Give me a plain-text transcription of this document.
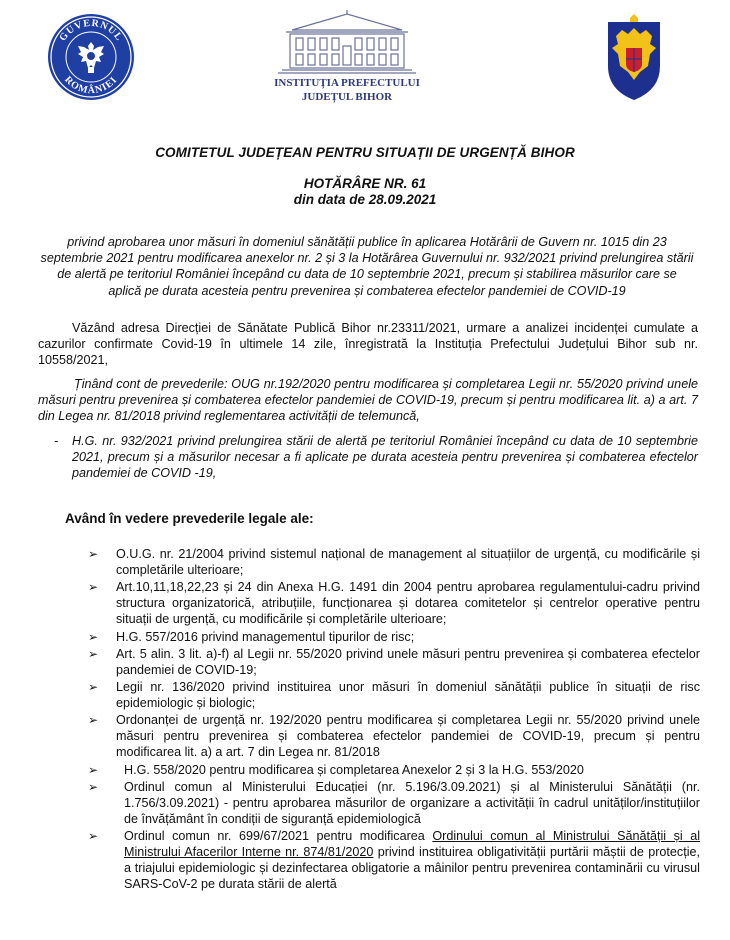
GUVERNUL
ROMÂNIEI	INSTITUȚIA PREFECTULUI
JUDEȚUL BIHOR
COMITETUL JUDEȚEAN PENTRU SITUAȚII DE URGENȚĂ BIHOR
HOTĂRÂRE NR. 61
din data de 28.09.2021
privind aprobarea unor măsuri în domeniul sănătății publice în aplicarea Hotărârii de Guvern nr. 1015 din 23 septembrie 2021 pentru modificarea anexelor nr. 2 și 3 la Hotărârea Guvernului nr. 932/2021 privind prelungirea stării de alertă pe teritoriul României începând cu data de 10 septembrie 2021, precum și stabilirea măsurilor care se aplică pe durata acesteia pentru prevenirea și combaterea efectelor pandemiei de COVID-19
Văzând adresa Direcției de Sănătate Publică Bihor nr.23311/2021, urmare a analizei incidenței cumulate a cazurilor confirmate Covid-19 în ultimele 14 zile, înregistrată la Instituția Prefectului Județului Bihor sub nr. 10558/2021,
Ținând cont de prevederile: OUG nr.192/2020 pentru modificarea și completarea Legii nr. 55/2020 privind unele măsuri pentru prevenirea și combaterea efectelor pandemiei de COVID-19, precum și pentru modificarea lit. a) a art. 7 din Legea nr. 81/2018 privind reglementarea activității de telemuncă,
- H.G. nr. 932/2021 privind prelungirea stării de alertă pe teritoriul României începând cu data de 10 septembrie 2021, precum și a măsurilor necesar a fi aplicate pe durata acesteia pentru prevenirea și combaterea efectelor pandemiei de COVID -19,
Având în vedere prevederile legale ale:
➢ O.U.G. nr. 21/2004 privind sistemul național de management al situațiilor de urgență, cu modificările și completările ulterioare;
➢ Art.10,11,18,22,23 și 24 din Anexa H.G. 1491 din 2004 pentru aprobarea regulamentului-cadru privind structura organizatorică, atribuțiile, funcționarea și dotarea comitetelor și centrelor operative pentru situații de urgență, cu modificările și completările ulterioare;
➢ H.G. 557/2016 privind managementul tipurilor de risc;
➢ Art. 5 alin. 3 lit. a)-f) al Legii nr. 55/2020 privind unele măsuri pentru prevenirea și combaterea efectelor pandemiei de COVID-19;
➢ Legii nr. 136/2020 privind instituirea unor măsuri în domeniul sănătății publice în situații de risc epidemiologic și biologic;
➢ Ordonanței de urgență nr. 192/2020 pentru modificarea și completarea Legii nr. 55/2020 privind unele măsuri pentru prevenirea și combaterea efectelor pandemiei de COVID-19, precum și pentru modificarea lit. a) a art. 7 din Legea nr. 81/2018
➢ H.G. 558/2020 pentru modificarea și completarea Anexelor 2 și 3 la H.G. 553/2020
➢ Ordinul comun al Ministerului Educației (nr. 5.196/3.09.2021) și al Ministerului Sănătății (nr. 1.756/3.09.2021) - pentru aprobarea măsurilor de organizare a activității în cadrul unităților/instituțiilor de învățământ în condiții de siguranță epidemiologică
➢ Ordinul comun nr. 699/67/2021 pentru modificarea Ordinului comun al Ministrului Sănătății și al Ministrului Afacerilor Interne nr. 874/81/2020 privind instituirea obligativității purtării măștii de protecție, a triajului epidemiologic și dezinfectarea obligatorie a mâinilor pentru prevenirea contaminării cu virusul SARS-CoV-2 pe durata stării de alertă
